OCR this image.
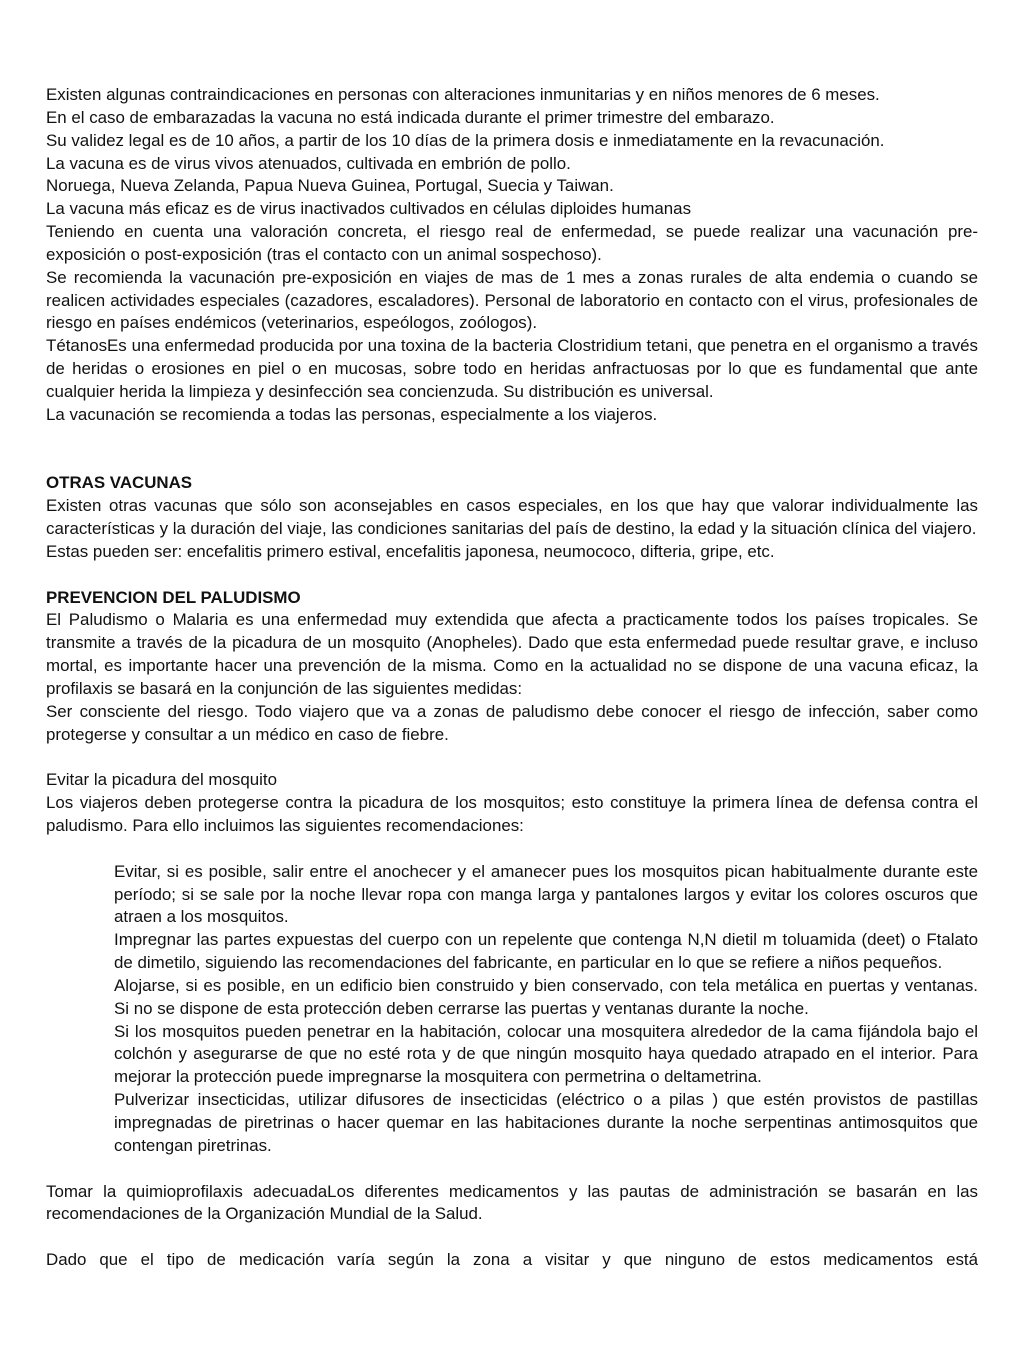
Existen algunas contraindicaciones en personas con alteraciones inmunitarias y en niños menores de 6 meses.

En el caso de embarazadas la vacuna no está indicada durante el primer trimestre del embarazo.

Su validez legal es de 10 años, a partir de los 10 días de la primera dosis e inmediatamente en la revacunación.

La vacuna es de virus vivos atenuados, cultivada en embrión de pollo.

Noruega, Nueva Zelanda, Papua Nueva Guinea, Portugal, Suecia y Taiwan.

La vacuna más eficaz es de virus inactivados cultivados en células diploides humanas

Teniendo en cuenta una valoración concreta, el riesgo real de enfermedad, se puede realizar una vacunación pre-exposición o post-exposición (tras el contacto con un animal sospechoso).

Se recomienda la vacunación pre-exposición en viajes de mas de 1 mes a zonas rurales de alta endemia o cuando se realicen actividades especiales (cazadores, escaladores). Personal de laboratorio en contacto con el virus, profesionales de riesgo en países endémicos (veterinarios, espeólogos, zoólogos).

TétanosEs una enfermedad producida por una toxina de la bacteria Clostridium tetani, que penetra en el organismo a través de heridas o erosiones en piel o en mucosas, sobre todo en heridas anfractuosas por lo que es fundamental que ante cualquier herida la limpieza y desinfección sea concienzuda. Su distribución es universal.

La vacunación se recomienda a todas las personas, especialmente a los viajeros.

OTRAS VACUNAS

Existen otras vacunas que sólo son aconsejables en casos especiales, en los que hay que valorar individualmente las características y la duración del viaje, las condiciones sanitarias del país de destino, la edad y la situación clínica del viajero.

Estas pueden ser: encefalitis primero estival, encefalitis japonesa, neumococo, difteria, gripe, etc.

PREVENCION DEL PALUDISMO

El Paludismo o Malaria es una enfermedad muy extendida que afecta a practicamente todos los países tropicales. Se transmite a través de la picadura de un mosquito (Anopheles). Dado que esta enfermedad puede resultar grave, e incluso mortal, es importante hacer una prevención de la misma. Como en la actualidad no se dispone de una vacuna eficaz, la profilaxis se basará en la conjunción de las siguientes medidas:

Ser consciente del riesgo. Todo viajero que va a zonas de paludismo debe conocer el riesgo de infección, saber como protegerse y consultar a un médico en caso de fiebre.

Evitar la picadura del mosquito

Los viajeros deben protegerse contra la picadura de los mosquitos; esto constituye la primera línea de defensa contra el paludismo. Para ello incluimos las siguientes recomendaciones:

Evitar, si es posible, salir entre el anochecer y el amanecer pues los mosquitos pican habitualmente durante este período; si se sale por la noche llevar ropa con manga larga y pantalones largos y evitar los colores oscuros que atraen a los mosquitos.

Impregnar las partes expuestas del cuerpo con un repelente que contenga N,N dietil m toluamida (deet) o Ftalato de dimetilo, siguiendo las recomendaciones del fabricante, en particular en lo que se refiere a niños pequeños.

Alojarse, si es posible, en un edificio bien construido y bien conservado, con tela metálica en puertas y ventanas. Si no se dispone de esta protección deben cerrarse las puertas y ventanas durante la noche.

Si los mosquitos pueden penetrar en la habitación, colocar una mosquitera alrededor de la cama fijándola bajo el colchón y asegurarse de que no esté rota y de que ningún mosquito haya quedado atrapado en el interior. Para mejorar la protección puede impregnarse la mosquitera con permetrina o deltametrina.

Pulverizar insecticidas, utilizar difusores de insecticidas (eléctrico o a pilas ) que estén provistos de pastillas impregnadas de piretrinas o hacer quemar en las habitaciones durante la noche serpentinas antimosquitos que contengan piretrinas.

Tomar la quimioprofilaxis adecuadaLos diferentes medicamentos y las pautas de administración se basarán en las recomendaciones de la Organización Mundial de la Salud.

Dado que el tipo de medicación varía según la zona a visitar y que ninguno de estos medicamentos está
